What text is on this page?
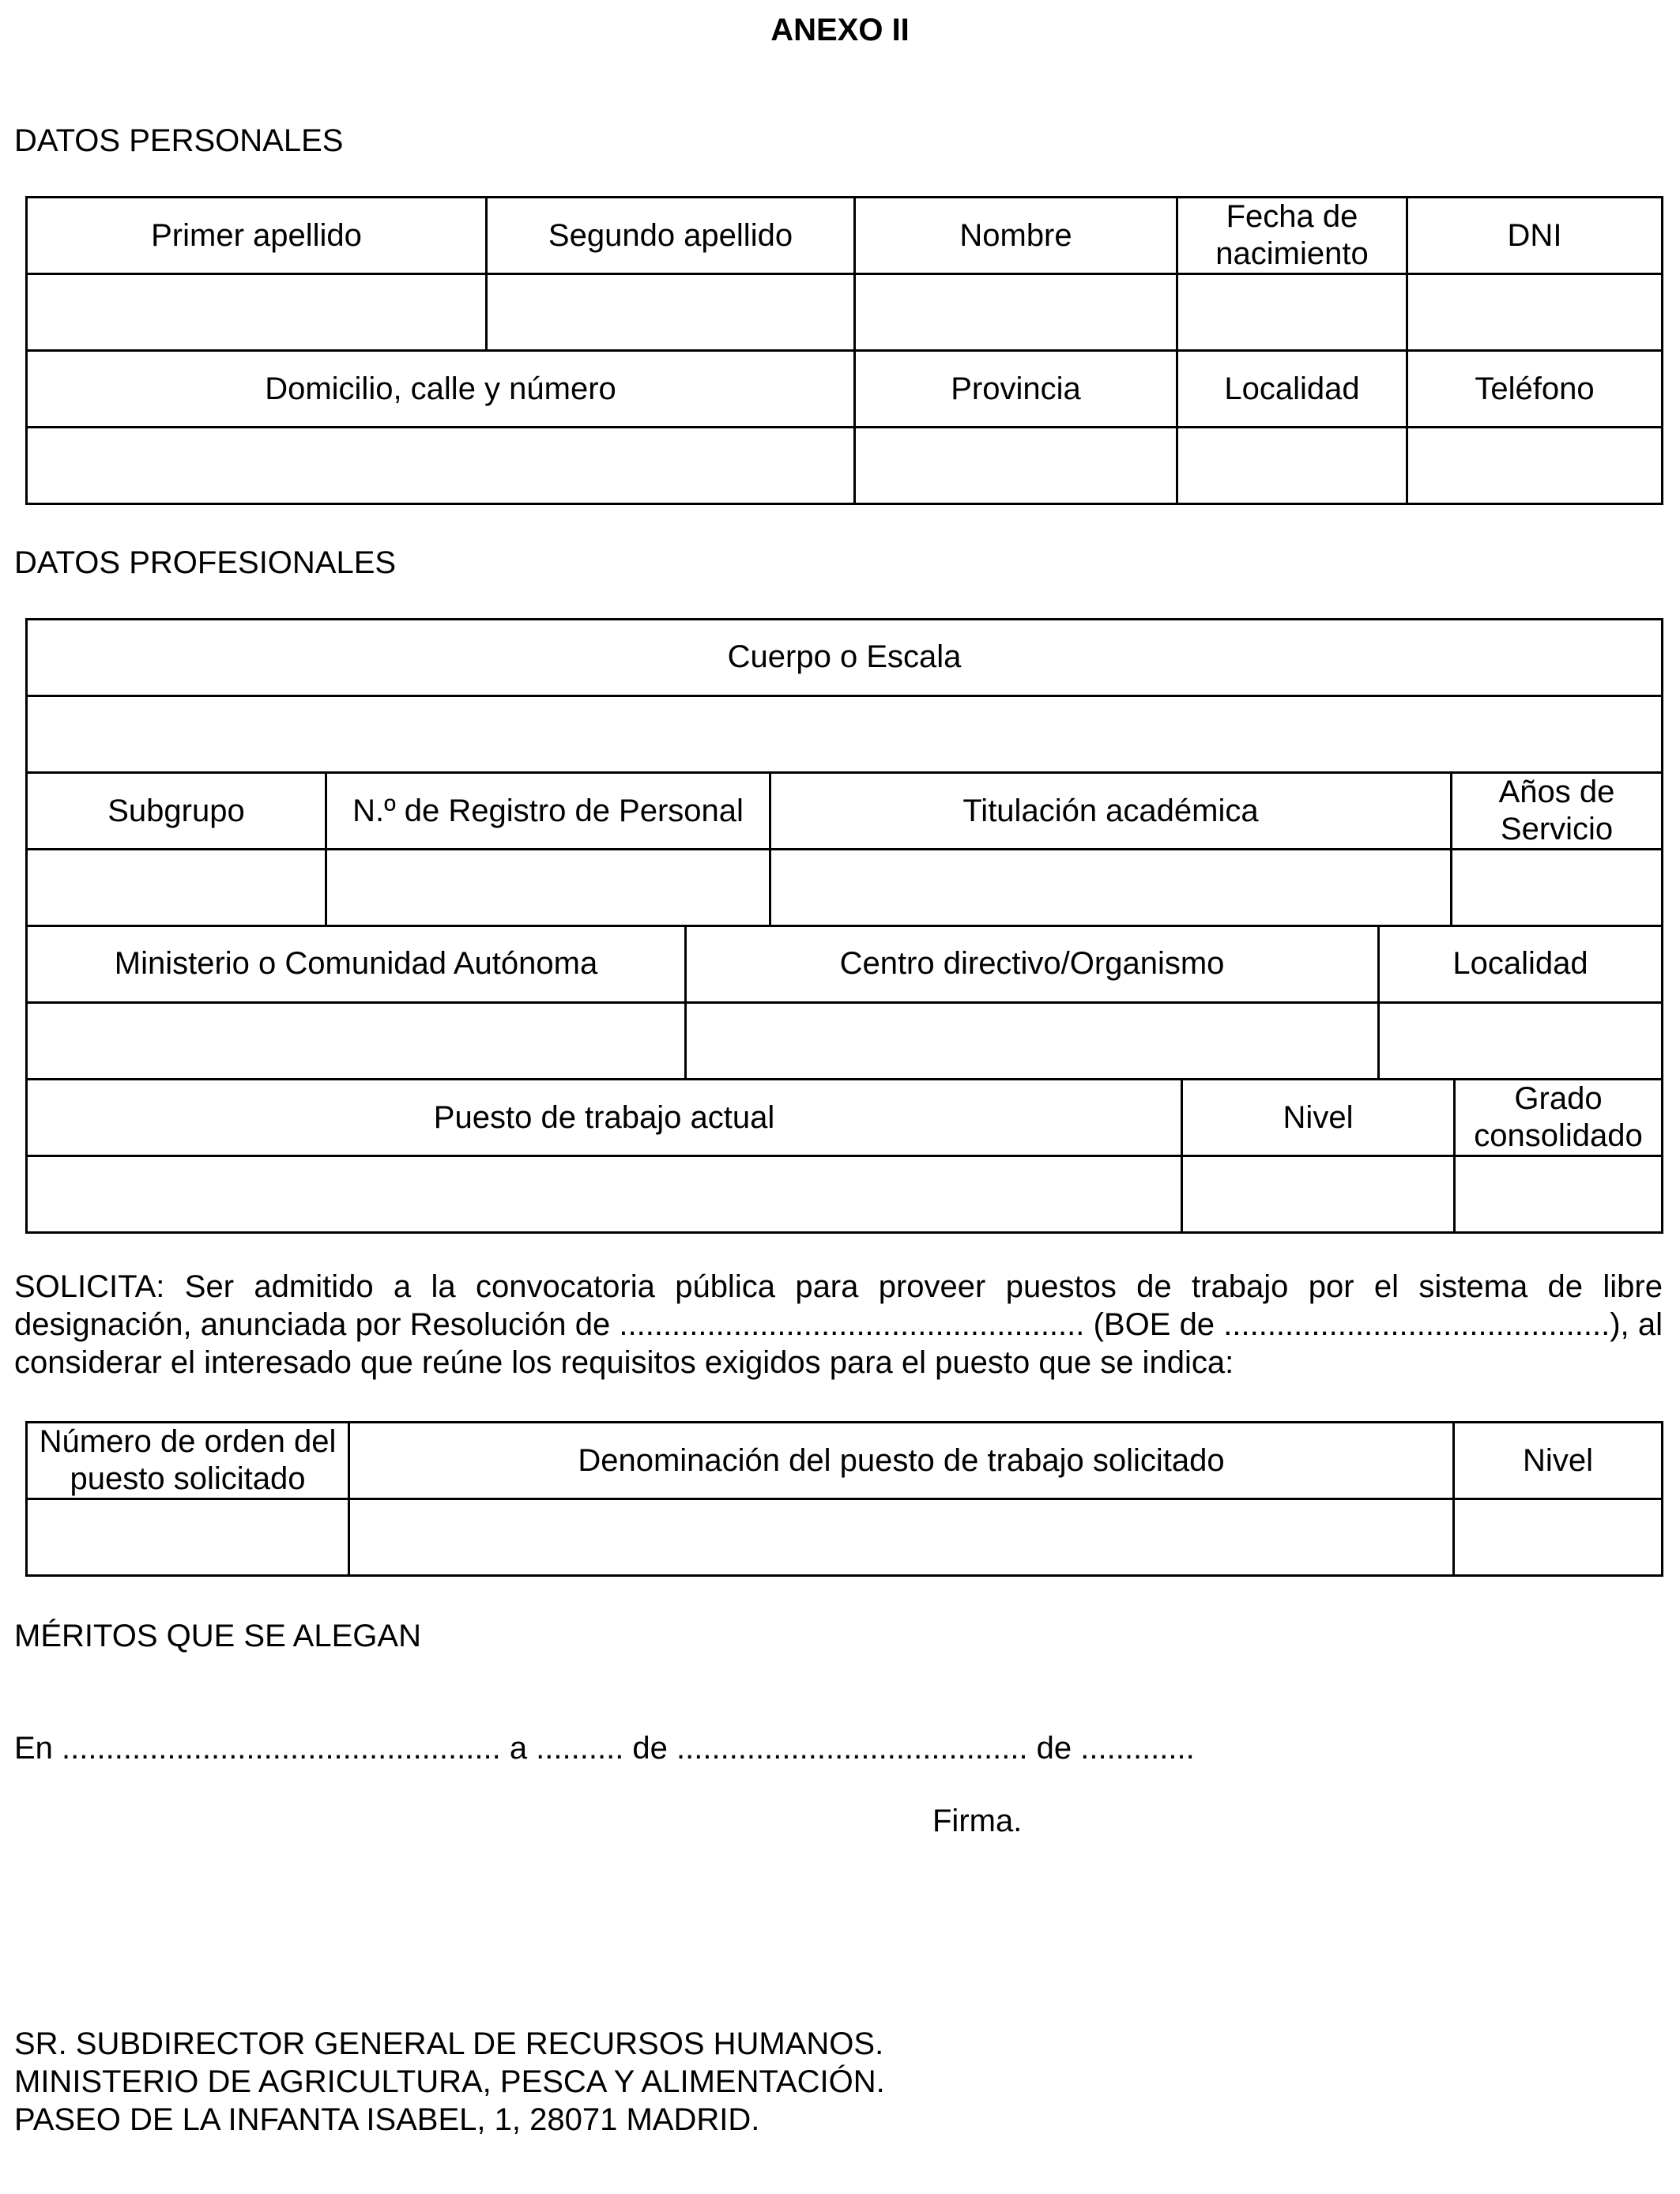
ANEXO II
DATOS PERSONALES
Primer apellido	Segundo apellido	Nombre	Fecha de nacimiento	DNI

Domicilio, calle y número		Provincia	Localidad	Teléfono

DATOS PROFESIONALES
Cuerpo o Escala			

Subgrupo	N.º de Registro de Personal	Titulación académica	Años de Servicio

Ministerio o Comunidad Autónoma	Centro directivo/Organismo	Localidad

Puesto de trabajo actual	Nivel	Grado consolidado

SOLICITA: Ser admitido a la convocatoria pública para proveer puestos de trabajo por el sistema de libre designación, anunciada por Resolución de ..................................................... (BOE de ............................................), al considerar el interesado que reúne los requisitos exigidos para el puesto que se indica:
Número de orden del puesto solicitado	Denominación del puesto de trabajo solicitado	Nivel

MÉRITOS QUE SE ALEGAN
En .................................................. a .......... de ........................................ de .............
Firma.
SR. SUBDIRECTOR GENERAL DE RECURSOS HUMANOS.
MINISTERIO DE AGRICULTURA, PESCA Y ALIMENTACIÓN.
PASEO DE LA INFANTA ISABEL, 1, 28071 MADRID.
